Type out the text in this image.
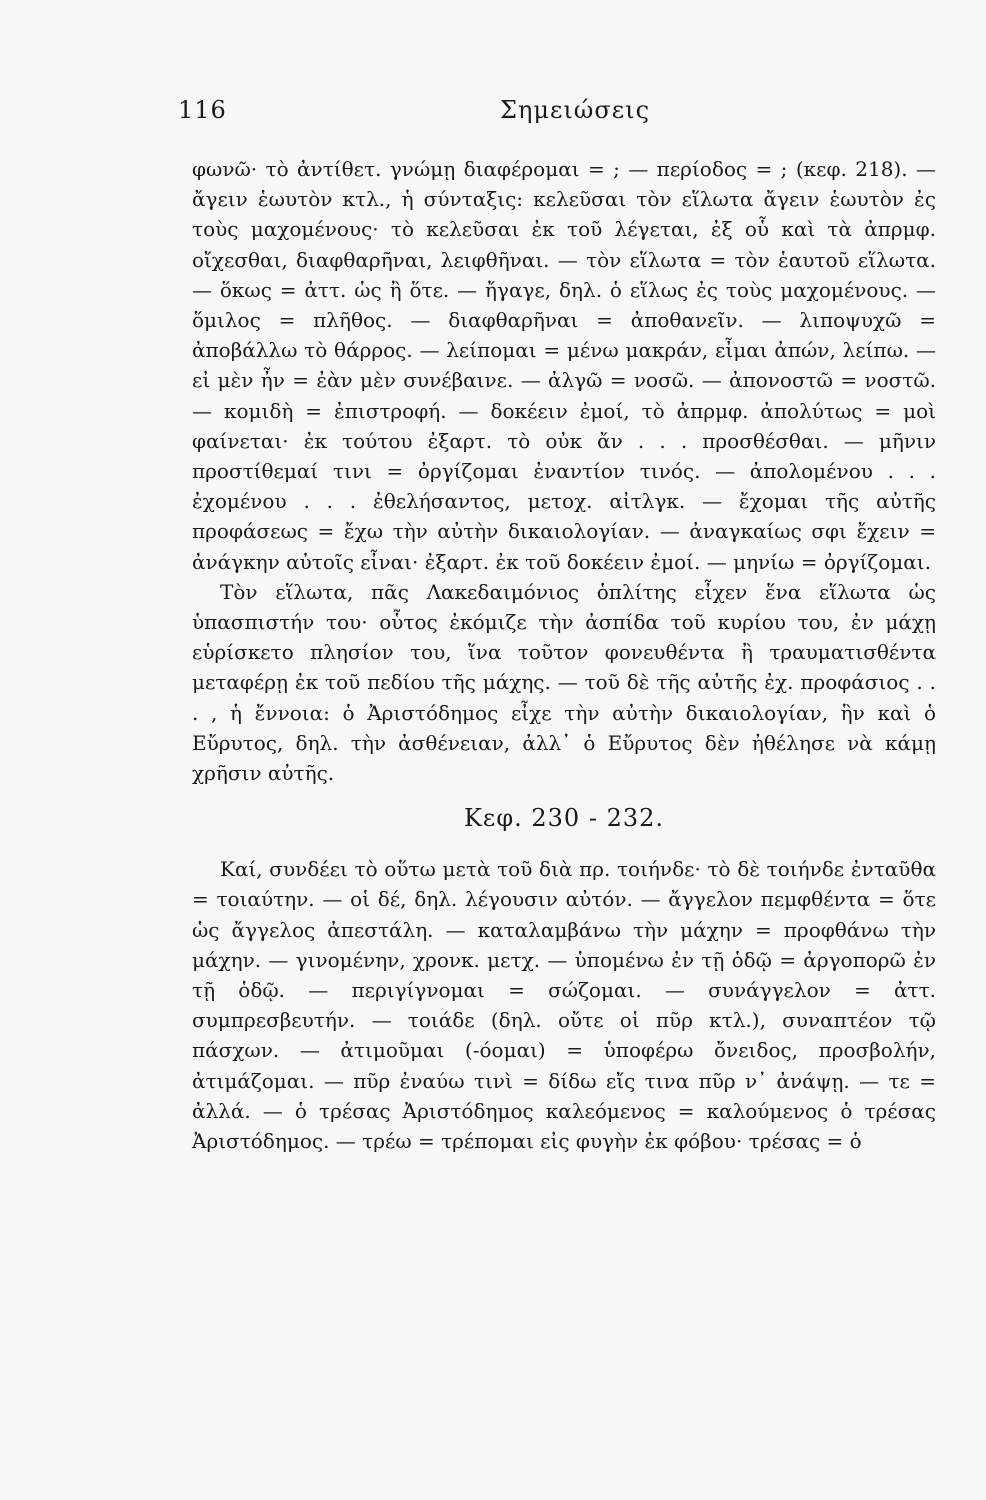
116	Σημειώσεις

φωνῶ· τὸ ἀντίθετ. γνώμῃ διαφέρομαι = ; — περίοδος = ; (κεφ. 218). — ἄγειν ἑωυτὸν κτλ., ἡ σύνταξις: κελεῦσαι τὸν εἵλωτα ἄγειν ἑωυτὸν ἐς τοὺς μαχομένους· τὸ κελεῦσαι ἐκ τοῦ λέγεται, ἐξ οὗ καὶ τὰ ἀπρμφ. οἴχεσθαι, διαφθαρῆναι, λειφθῆναι. — τὸν εἵλωτα = τὸν ἑαυτοῦ εἵλωτα. — ὅκως = ἀττ. ὡς ἢ ὅτε. — ἤγαγε, δηλ. ὁ εἵλως ἐς τοὺς μαχομένους. — ὅμιλος = πλῆθος. — διαφθαρῆναι = ἀποθανεῖν. — λιποψυχῶ = ἀποβάλλω τὸ θάρρος. — λείπομαι = μένω μακράν, εἶμαι ἀπών, λείπω. — εἰ μὲν ἦν = ἐὰν μὲν συνέβαινε. — ἀλγῶ = νοσῶ. — ἀπονοστῶ = νοστῶ. — κομιδὴ = ἐπιστροφή. — δοκέειν ἐμοί, τὸ ἀπρμφ. ἀπολύτως = μοὶ φαίνεται· ἐκ τούτου ἐξαρτ. τὸ οὐκ ἄν . . . προσθέσθαι. — μῆνιν προστίθεμαί τινι = ὀργίζομαι ἐναντίον τινός. — ἀπολομένου . . . ἐχομένου . . . ἐθελήσαντος, μετοχ. αἰτλγκ. — ἔχομαι τῆς αὐτῆς προφάσεως = ἔχω τὴν αὐτὴν δικαιολογίαν. — ἀναγκαίως σφι ἔχειν = ἀνάγκην αὐτοῖς εἶναι· ἐξαρτ. ἐκ τοῦ δοκέειν ἐμοί. — μηνίω = ὀργίζομαι.

Τὸν εἵλωτα, πᾶς Λακεδαιμόνιος ὁπλίτης εἶχεν ἕνα εἵλωτα ὡς ὑπασπιστήν του· οὗτος ἐκόμιζε τὴν ἀσπίδα τοῦ κυρίου του, ἐν μάχῃ εὑρίσκετο πλησίον του, ἵνα τοῦτον φονευθέντα ἢ τραυματισθέντα μεταφέρῃ ἐκ τοῦ πεδίου τῆς μάχης. — τοῦ δὲ τῆς αὐτῆς ἐχ. προφάσιος . . . , ἡ ἔννοια: ὁ Ἀριστόδημος εἶχε τὴν αὐτὴν δικαιολογίαν, ἣν καὶ ὁ Εὔρυτος, δηλ. τὴν ἀσθένειαν, ἀλλ᾽ ὁ Εὔρυτος δὲν ἠθέλησε νὰ κάμῃ χρῆσιν αὐτῆς.

Κεφ. 230 - 232.

Καί, συνδέει τὸ οὕτω μετὰ τοῦ διὰ πρ. τοιήνδε· τὸ δὲ τοιήνδε ἐνταῦθα = τοιαύτην. — οἱ δέ, δηλ. λέγουσιν αὐτόν. — ἄγγελον πεμφθέντα = ὅτε ὡς ἄγγελος ἀπεστάλη. — καταλαμβάνω τὴν μάχην = προφθάνω τὴν μάχην. — γινομένην, χρονκ. μετχ. — ὑπομένω ἐν τῇ ὁδῷ = ἀργοπορῶ ἐν τῇ ὁδῷ. — περιγίγνομαι = σώζομαι. — συνάγγελον = ἀττ. συμπρεσβευτήν. — τοιάδε (δηλ. οὔτε οἱ πῦρ κτλ.), συναπτέον τῷ πάσχων. — ἀτιμοῦμαι (-όομαι) = ὑποφέρω ὄνειδος, προσβολήν, ἀτιμάζομαι. — πῦρ ἐναύω τινὶ = δίδω εἴς τινα πῦρ ν᾽ ἀνάψῃ. — τε = ἀλλά. — ὁ τρέσας Ἀριστόδημος καλεόμενος = καλούμενος ὁ τρέσας Ἀριστόδημος. — τρέω = τρέπομαι εἰς φυγὴν ἐκ φόβου· τρέσας = ὁ
